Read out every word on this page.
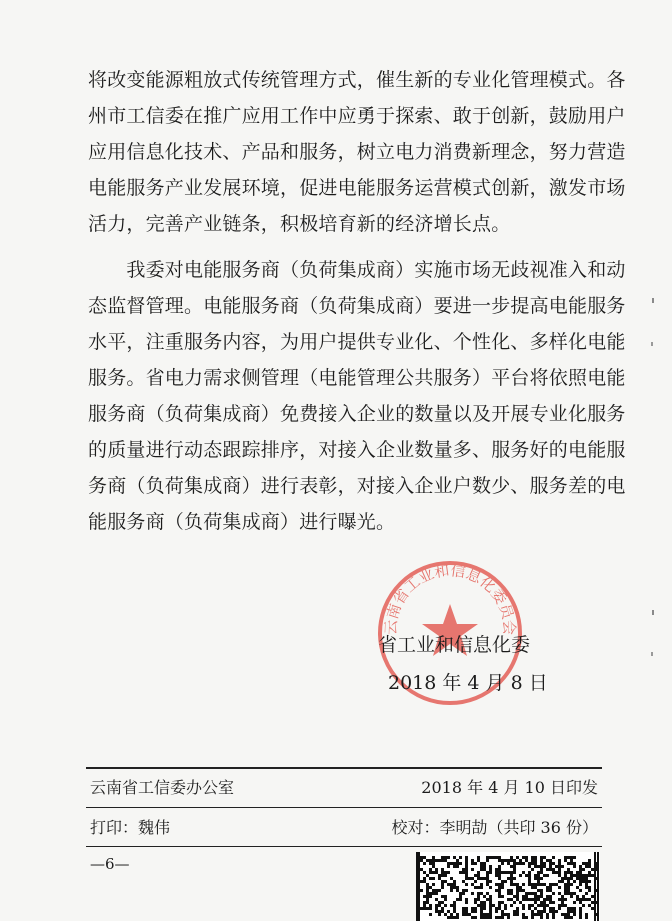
将改变能源粗放式传统管理方式，催生新的专业化管理模式。各
州市工信委在推广应用工作中应勇于探索、敢于创新，鼓励用户
应用信息化技术、产品和服务，树立电力消费新理念，努力营造
电能服务产业发展环境，促进电能服务运营模式创新，激发市场
活力，完善产业链条，积极培育新的经济增长点。
　　我委对电能服务商（负荷集成商）实施市场无歧视准入和动
态监督管理。电能服务商（负荷集成商）要进一步提高电能服务
水平，注重服务内容，为用户提供专业化、个性化、多样化电能
服务。省电力需求侧管理（电能管理公共服务）平台将依照电能
服务商（负荷集成商）免费接入企业的数量以及开展专业化服务
的质量进行动态跟踪排序，对接入企业数量多、服务好的电能服
务商（负荷集成商）进行表彰，对接入企业户数少、服务差的电
能服务商（负荷集成商）进行曝光。
云南省工业和信息化委员会
省工业和信息化委
2018 年 4 月 8 日
云南省工信委办公室	2018 年 4 月 10 日印发
打印：魏伟	校对：李明劼（共印 36 份）
—6—
